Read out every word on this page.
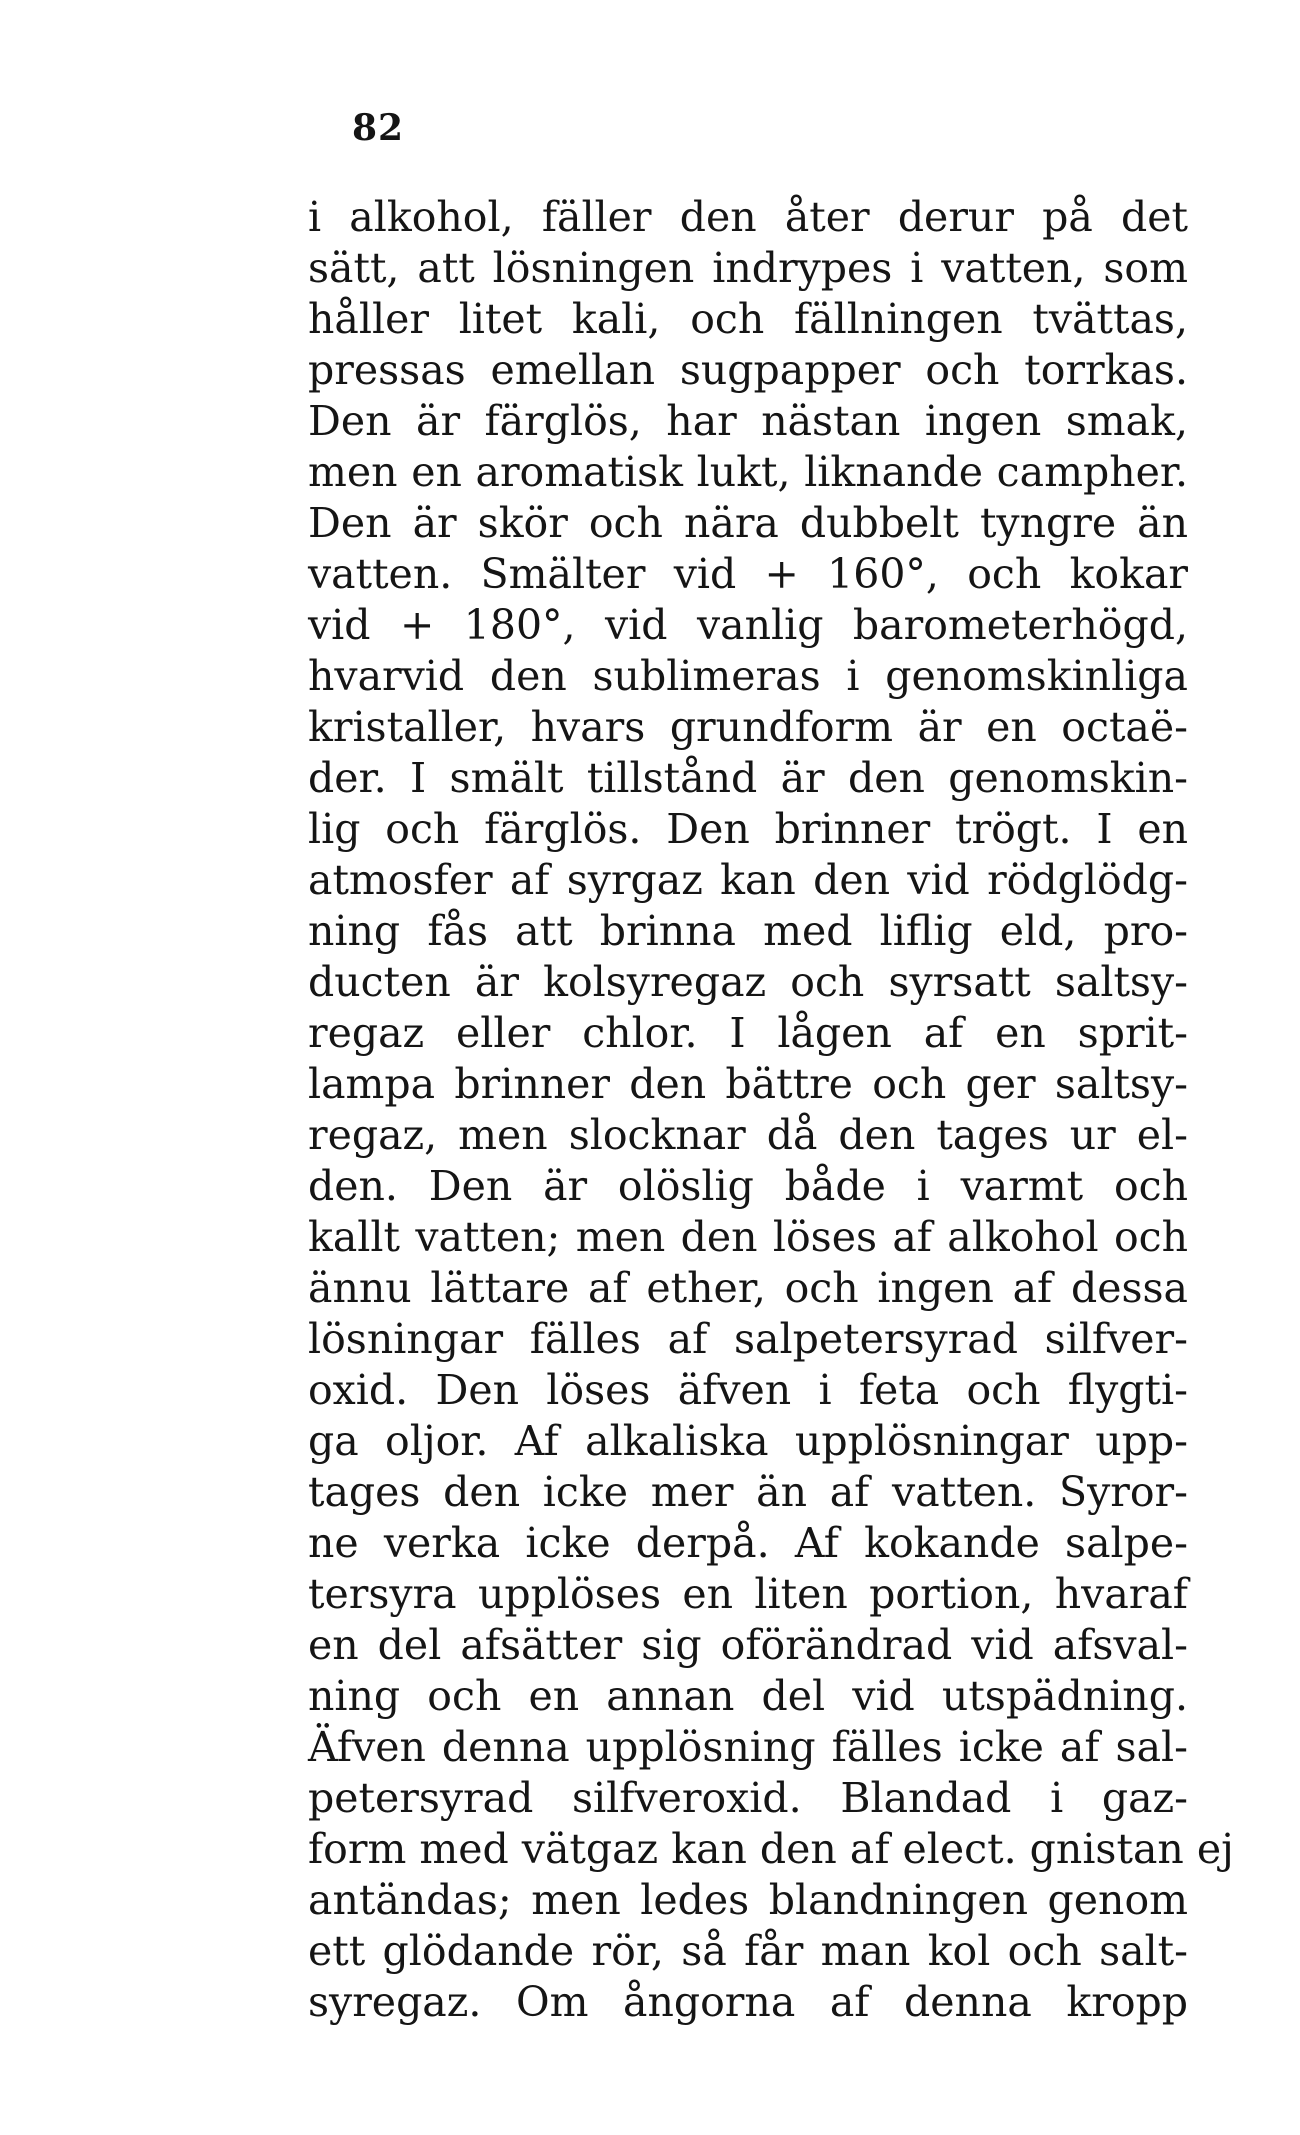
82
i alkohol, fäller den åter derur på det
sätt, att lösningen indrypes i vatten, som
håller litet kali, och fällningen tvättas,
pressas emellan sugpapper och torrkas.
Den är färglös, har nästan ingen smak,
men en aromatisk lukt, liknande campher.
Den är skör och nära dubbelt tyngre än
vatten. Smälter vid + 160°, och kokar
vid + 180°, vid vanlig barometerhögd,
hvarvid den sublimeras i genomskinliga
kristaller, hvars grundform är en octaë-
der. I smält tillstånd är den genomskin-
lig och färglös. Den brinner trögt. I en
atmosfer af syrgaz kan den vid rödglödg-
ning fås att brinna med liflig eld, pro-
ducten är kolsyregaz och syrsatt saltsy-
regaz eller chlor. I lågen af en sprit-
lampa brinner den bättre och ger saltsy-
regaz, men slocknar då den tages ur el-
den. Den är olöslig både i varmt och
kallt vatten; men den löses af alkohol och
ännu lättare af ether, och ingen af dessa
lösningar fälles af salpetersyrad silfver-
oxid. Den löses äfven i feta och flygti-
ga oljor. Af alkaliska upplösningar upp-
tages den icke mer än af vatten. Syror-
ne verka icke derpå. Af kokande salpe-
tersyra upplöses en liten portion, hvaraf
en del afsätter sig oförändrad vid afsval-
ning och en annan del vid utspädning.
Äfven denna upplösning fälles icke af sal-
petersyrad silfveroxid. Blandad i gaz-
form med vätgaz kan den af elect. gnistan ej
antändas; men ledes blandningen genom
ett glödande rör, så får man kol och salt-
syregaz. Om ångorna af denna kropp
